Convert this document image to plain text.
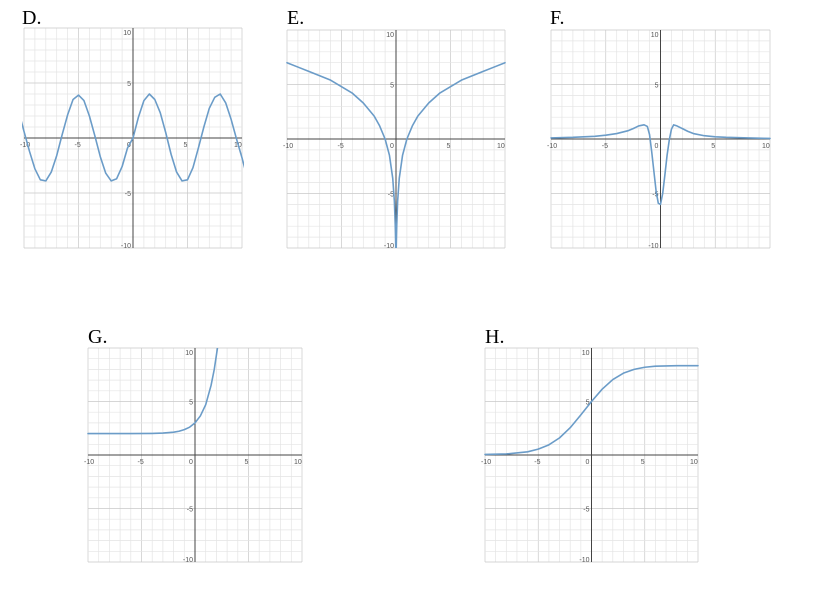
D.
-10	-5	0	5	10
10
5
-5
-10
E.
-10	-5	0	5	10
10
5
-5
-10
F.
-10	-5	0	5	10
10
5
-5
-10
G.
-10	-5	0	5	10
10
5
-5
-10
H.
-10	-5	0	5	10
10
5
-5
-10
